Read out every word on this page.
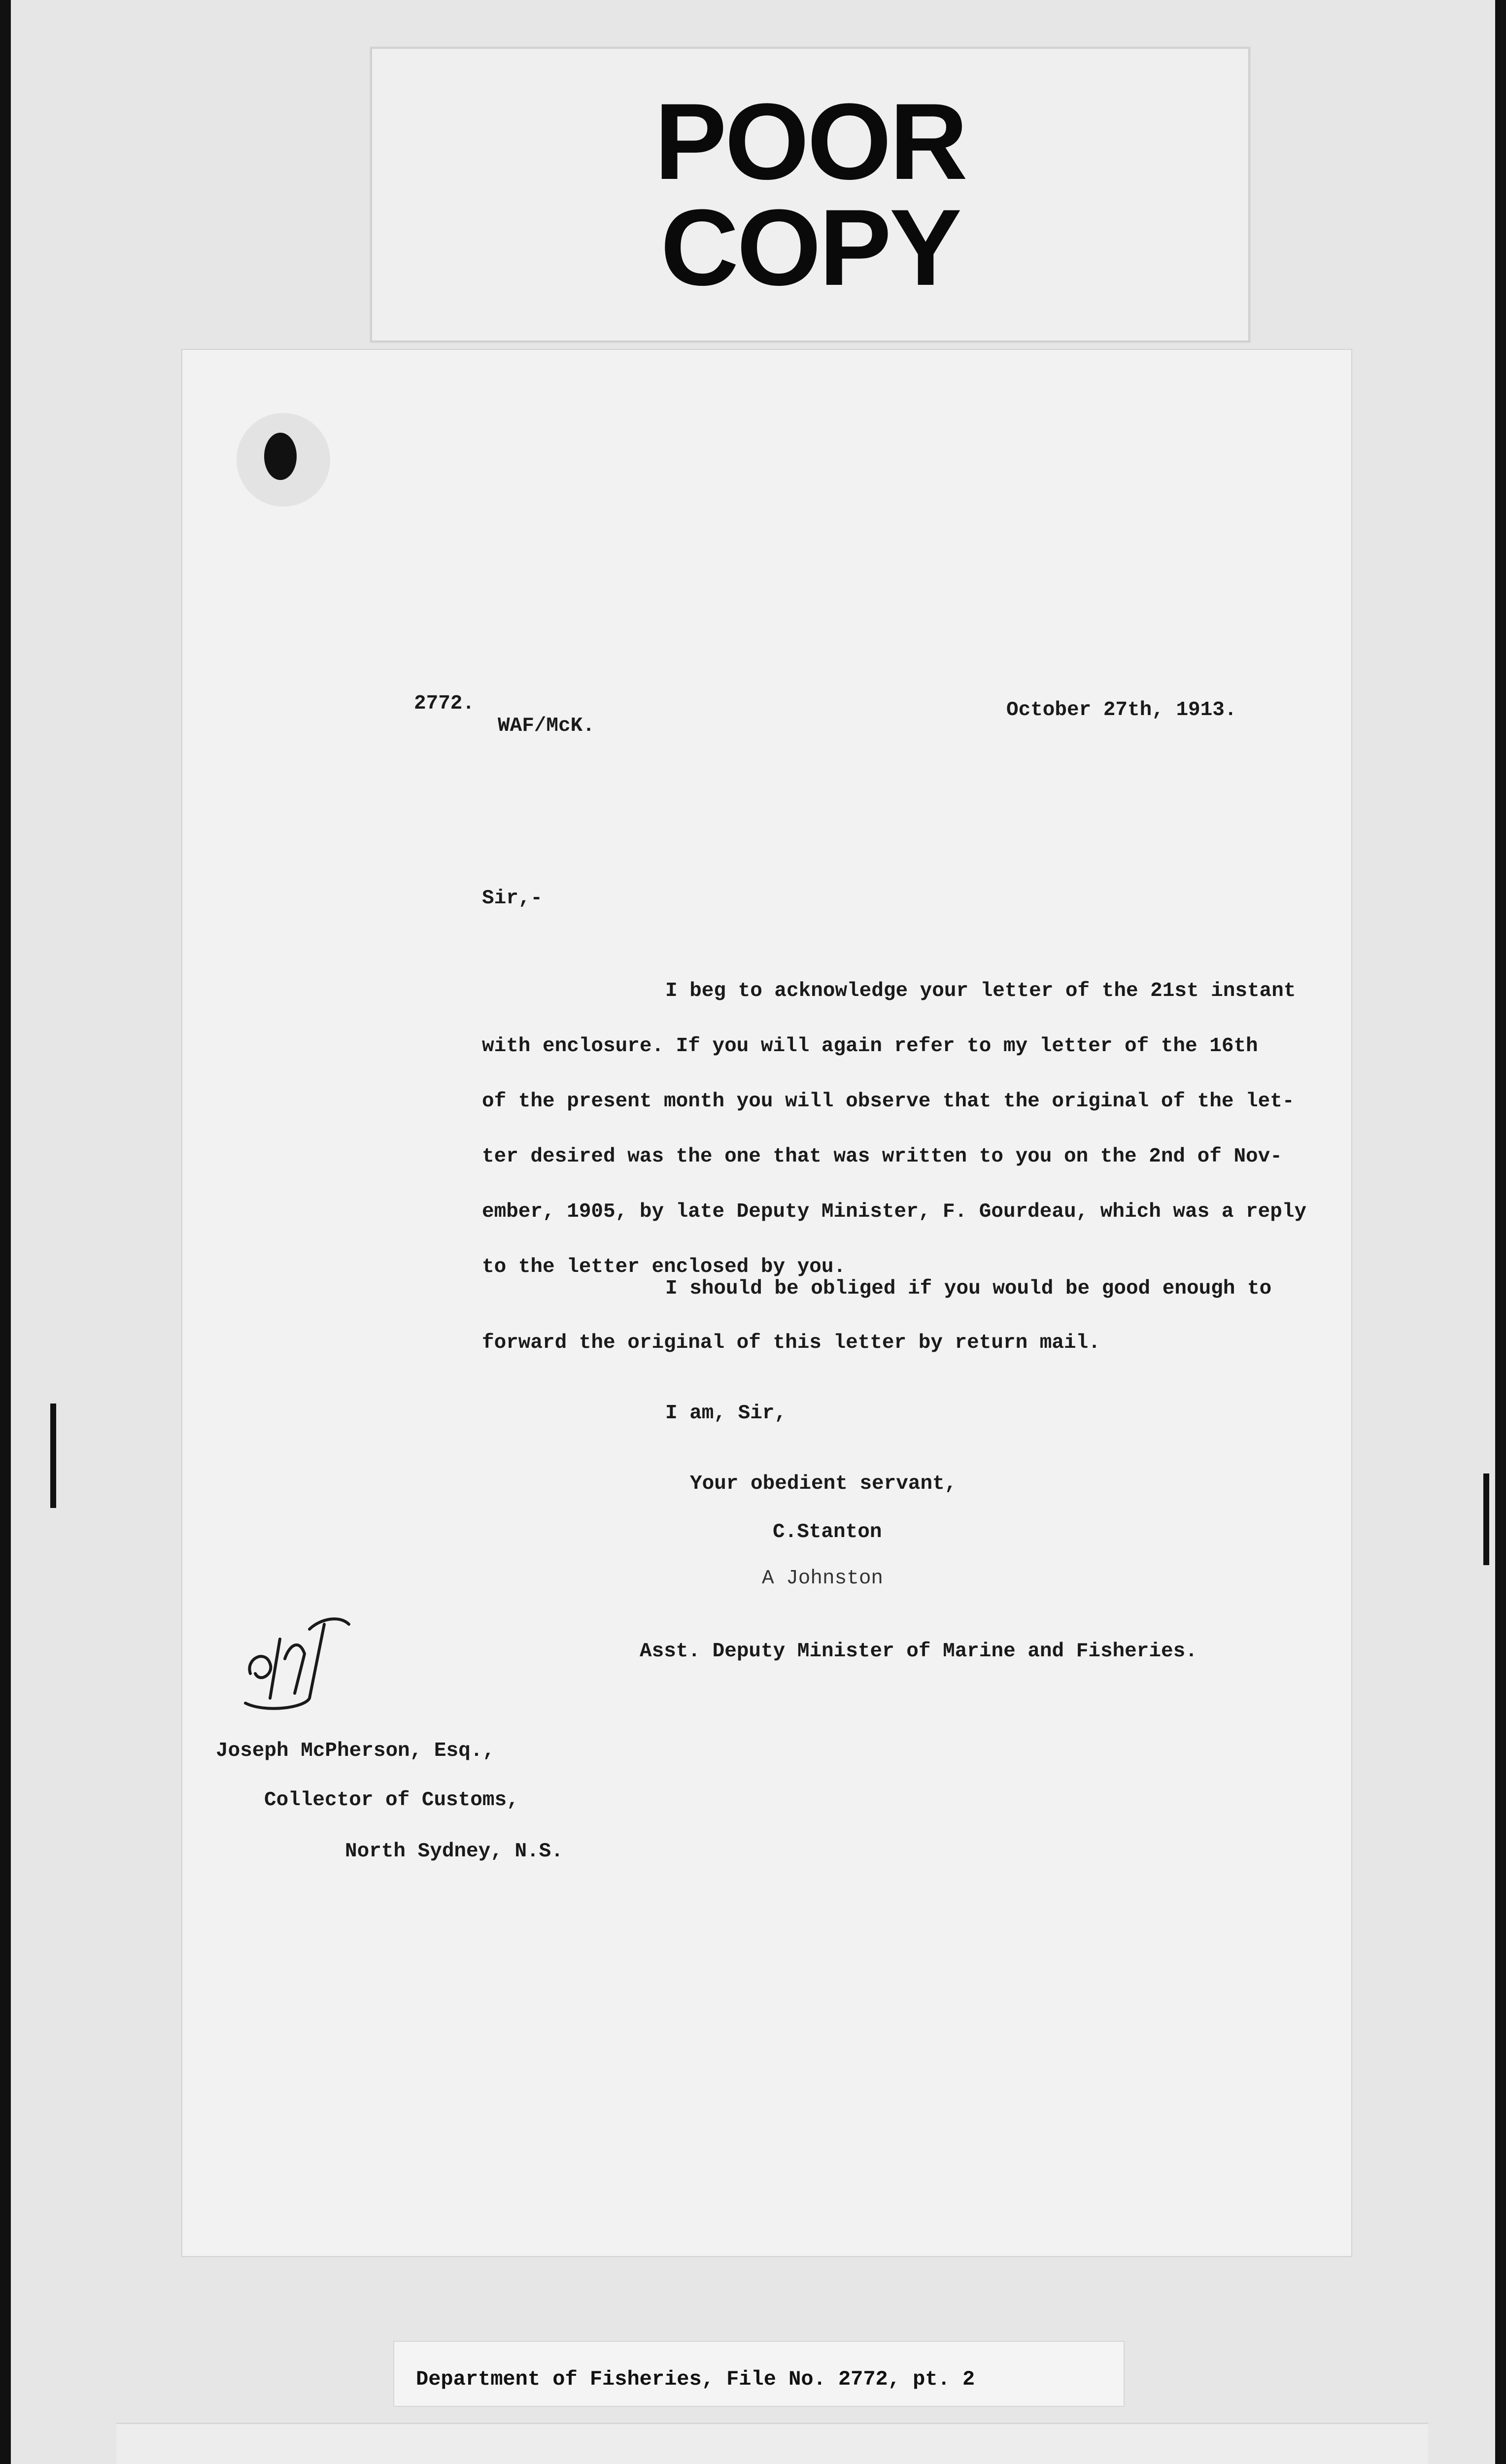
POOR
COPY
2772.
WAF/McK.
October 27th, 1913.
Sir,-
I beg to acknowledge your letter of the 21st instant
with enclosure. If you will again refer to my letter of the 16th
of the present month you will observe that the original of the let-
ter desired was the one that was written to you on the 2nd of Nov-
ember, 1905, by late Deputy Minister, F. Gourdeau, which was a reply
to the letter enclosed by you.
I should be obliged if you would be good enough to
forward the original of this letter by return mail.
I am, Sir,
Your obedient servant,
C.Stanton
A Johnston
Asst. Deputy Minister of Marine and Fisheries.
Joseph McPherson, Esq.,
Collector of Customs,
North Sydney, N.S.
Department of Fisheries, File No. 2772, pt. 2
